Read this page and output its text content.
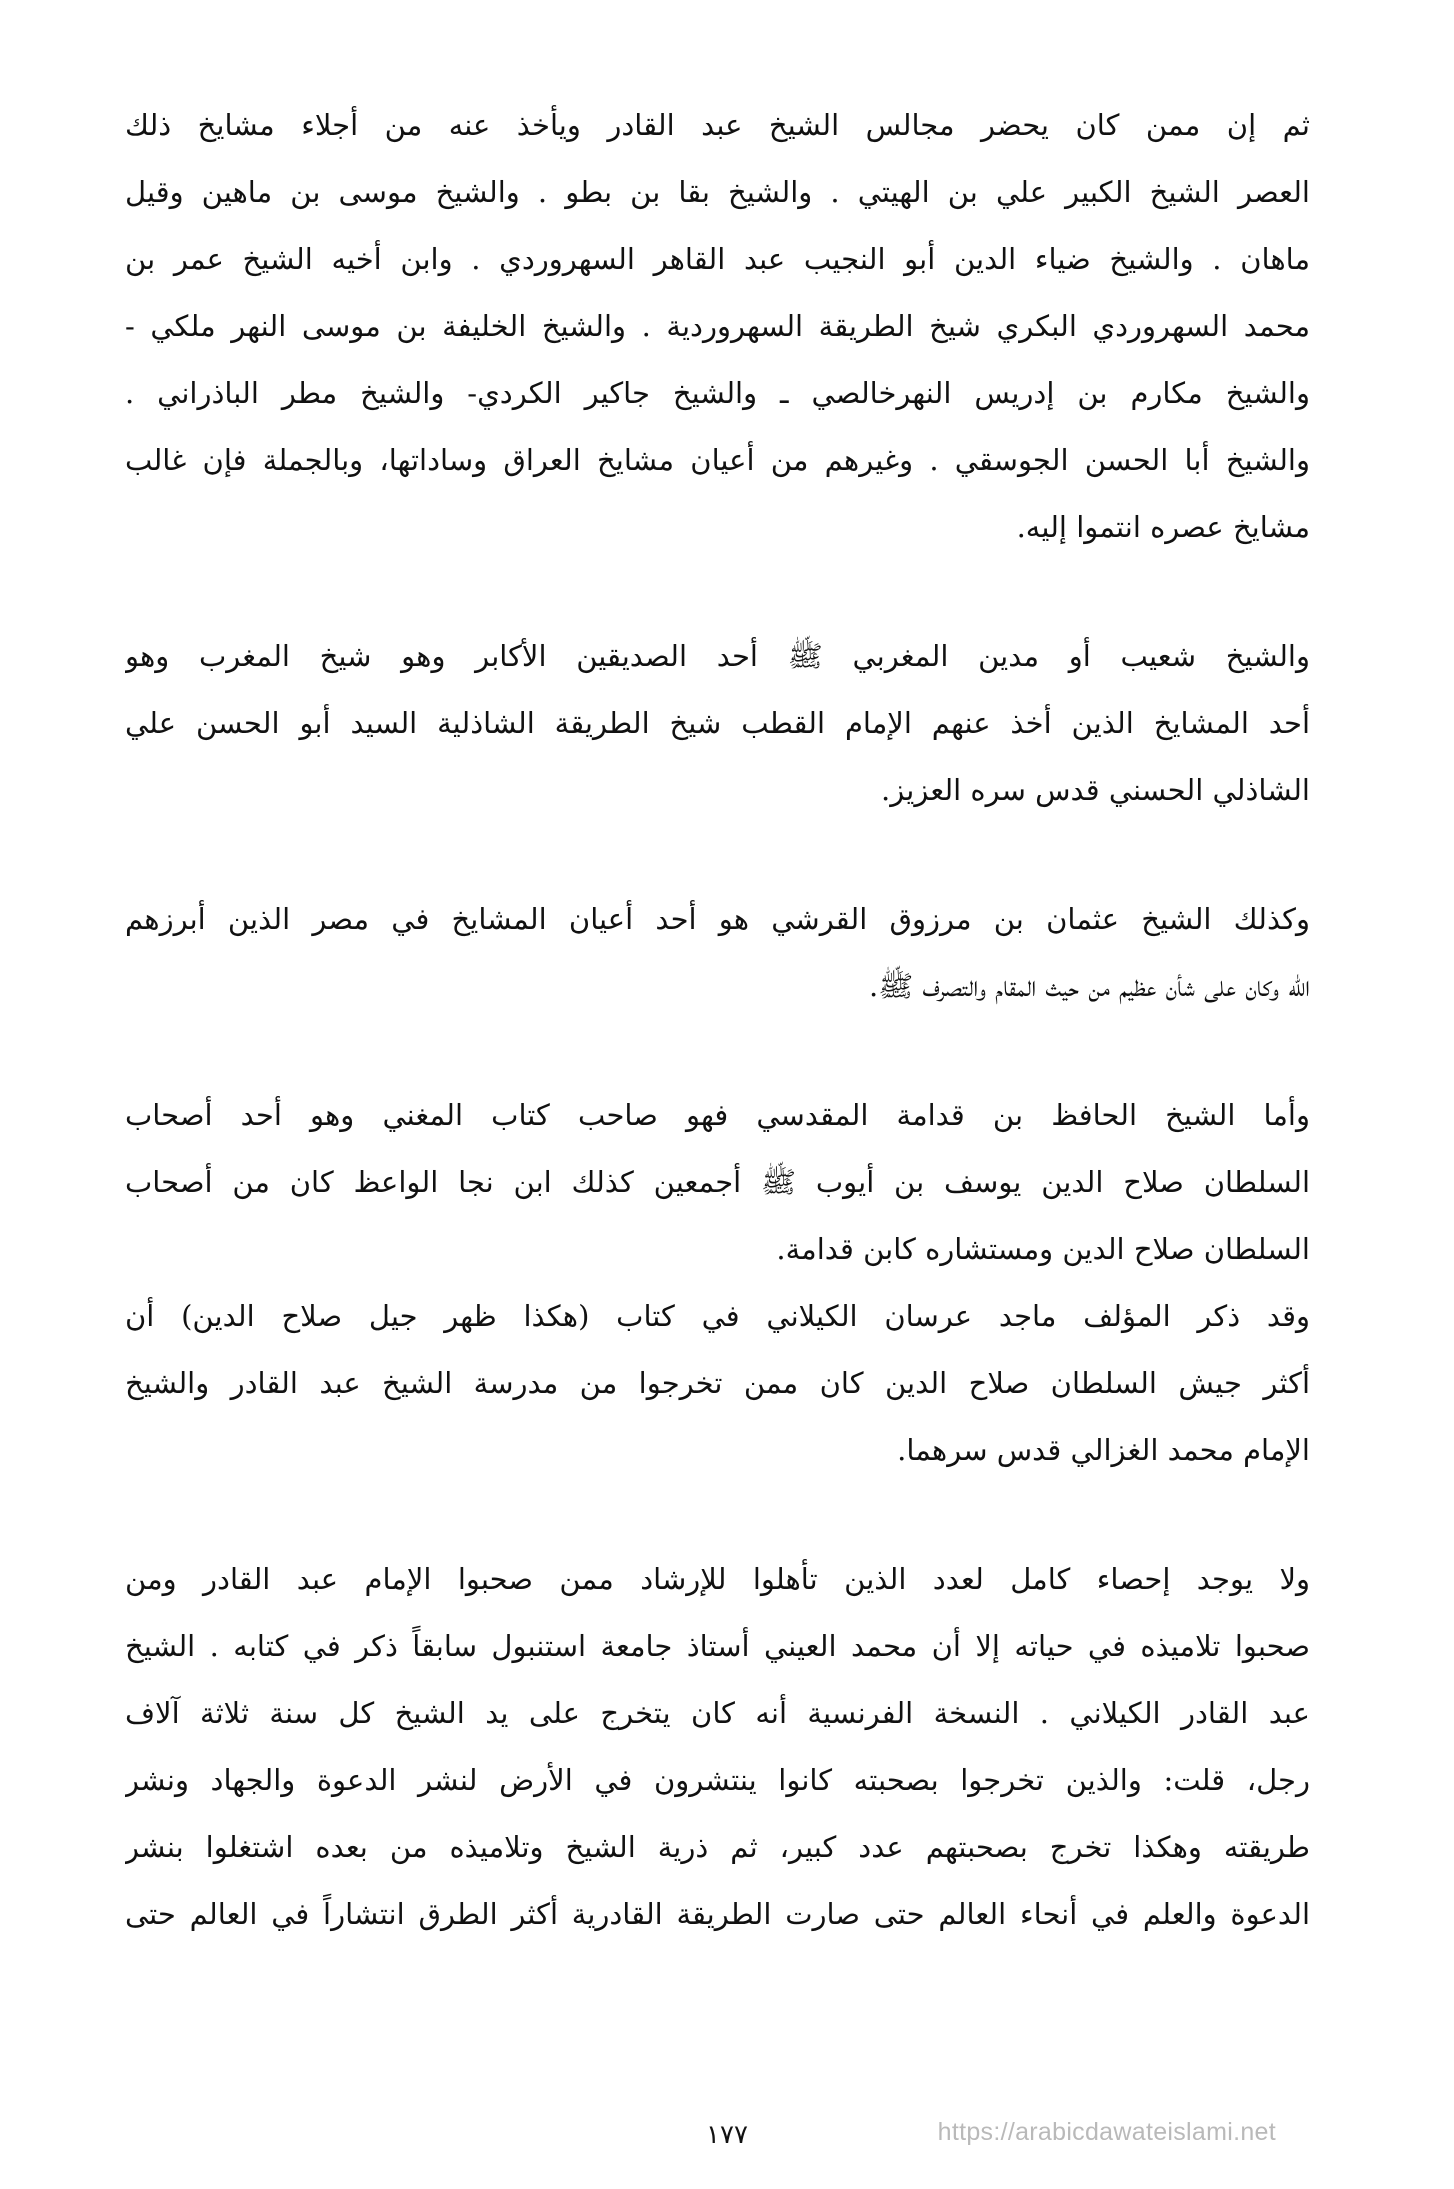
ثم إن ممن كان يحضر مجالس الشيخ عبد القادر ويأخذ عنه من أجلاء مشايخ ذلك
العصر الشيخ الكبير علي بن الهيتي . والشيخ بقا بن بطو . والشيخ موسى بن ماهين وقيل
ماهان . والشيخ ضياء الدين أبو النجيب عبد القاهر السهروردي . وابن أخيه الشيخ عمر بن
محمد السهروردي البكري شيخ الطريقة السهروردية . والشيخ الخليفة بن موسى النهر ملكي -
والشيخ مكارم بن إدريس النهرخالصي ـ والشيخ جاكير الكردي- والشيخ مطر الباذراني .
والشيخ أبا الحسن الجوسقي . وغيرهم من أعيان مشايخ العراق وساداتها، وبالجملة فإن غالب
مشايخ عصره انتموا إليه.
والشيخ شعيب أو مدين المغربي ﷺ أحد الصديقين الأكابر وهو شيخ المغرب وهو
أحد المشايخ الذين أخذ عنهم الإمام القطب شيخ الطريقة الشاذلية السيد أبو الحسن علي
الشاذلي الحسني قدس سره العزيز.
وكذلك الشيخ عثمان بن مرزوق القرشي هو أحد أعيان المشايخ في مصر الذين أبرزهم
الله وكان على شأن عظيم من حيث المقام والتصرف ﷺ.
وأما الشيخ الحافظ بن قدامة المقدسي فهو صاحب كتاب المغني وهو أحد أصحاب
السلطان صلاح الدين يوسف بن أيوب ﷺ أجمعين كذلك ابن نجا الواعظ كان من أصحاب
السلطان صلاح الدين ومستشاره كابن قدامة.
وقد ذكر المؤلف ماجد عرسان الكيلاني في كتاب (هكذا ظهر جيل صلاح الدين) أن
أكثر جيش السلطان صلاح الدين كان ممن تخرجوا من مدرسة الشيخ عبد القادر والشيخ
الإمام محمد الغزالي قدس سرهما.
ولا يوجد إحصاء كامل لعدد الذين تأهلوا للإرشاد ممن صحبوا الإمام عبد القادر ومن
صحبوا تلاميذه في حياته إلا أن محمد العيني أستاذ جامعة استنبول سابقاً ذكر في كتابه . الشيخ
عبد القادر الكيلاني . النسخة الفرنسية أنه كان يتخرج على يد الشيخ كل سنة ثلاثة آلاف
رجل، قلت: والذين تخرجوا بصحبته كانوا ينتشرون في الأرض لنشر الدعوة والجهاد ونشر
طريقته وهكذا تخرج بصحبتهم عدد كبير، ثم ذرية الشيخ وتلاميذه من بعده اشتغلوا بنشر
الدعوة والعلم في أنحاء العالم حتى صارت الطريقة القادرية أكثر الطرق انتشاراً في العالم حتى
١٧٧	https://arabicdawateislami.net
